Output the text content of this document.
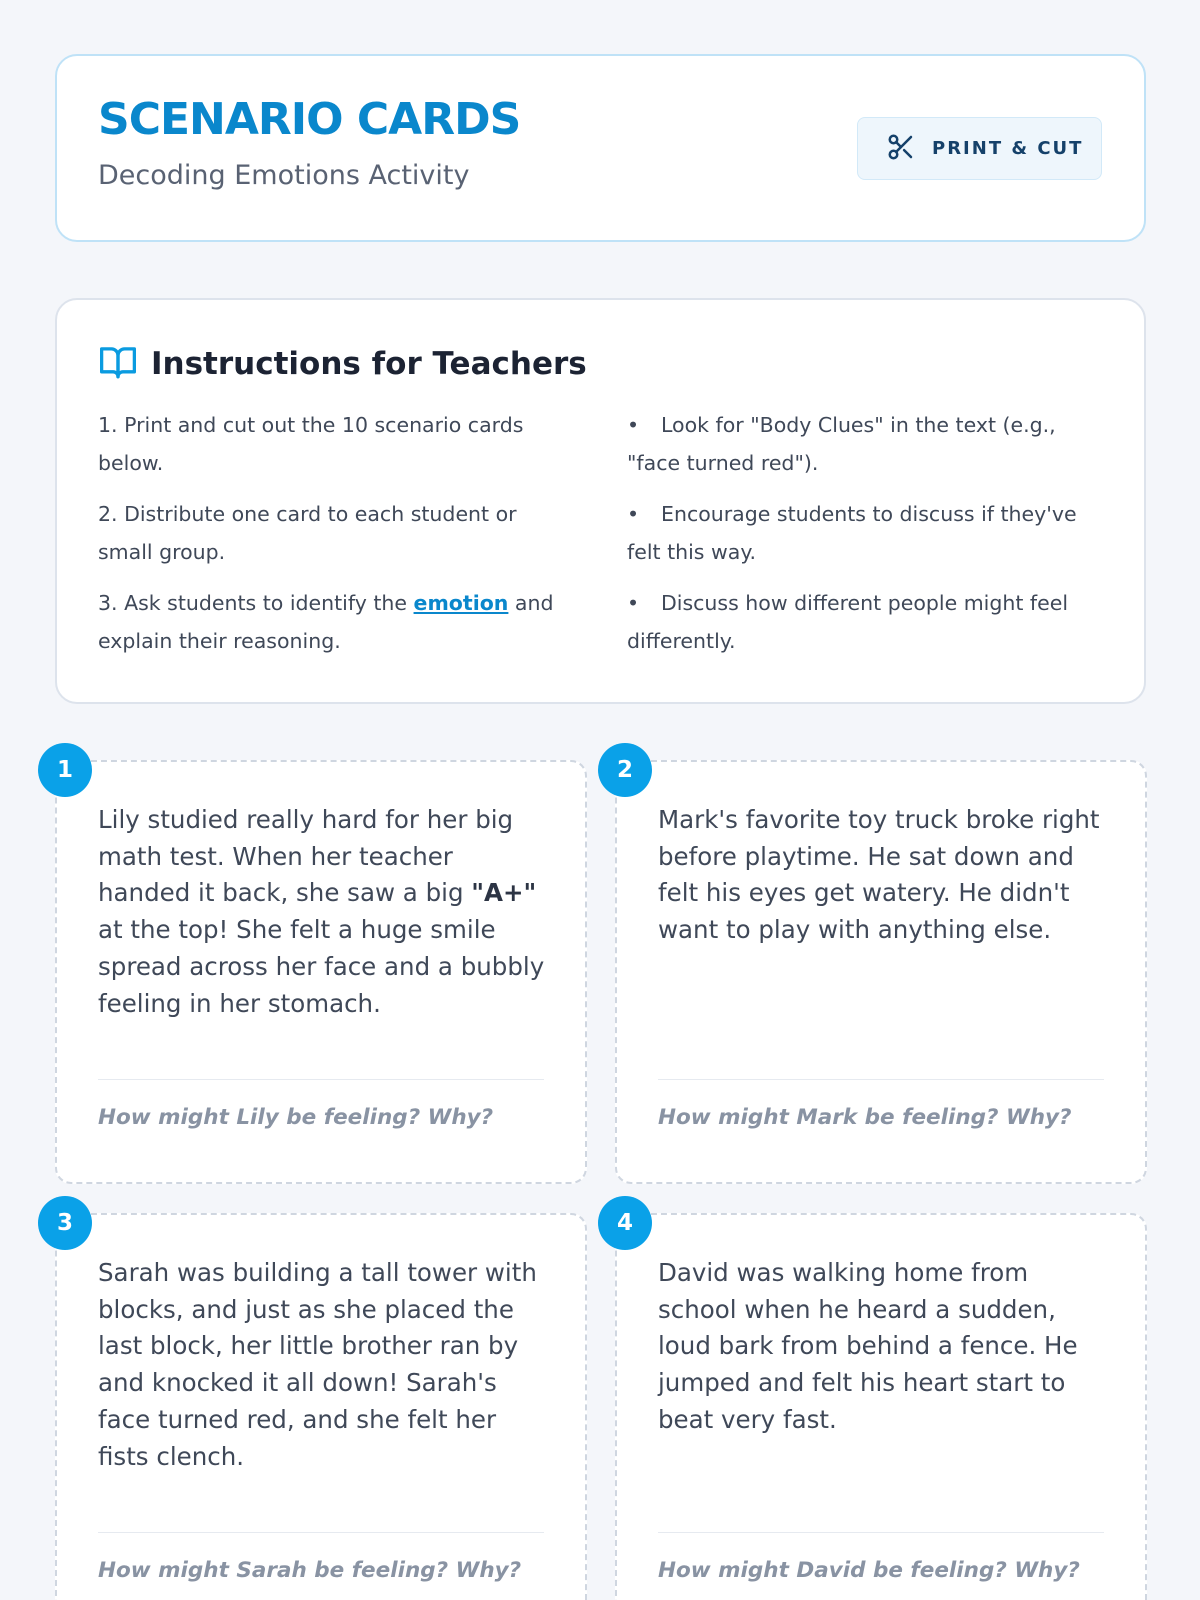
SCENARIO CARDS
Decoding Emotions Activity
PRINT & CUT
Instructions for Teachers
1. Print and cut out the 10 scenario cards below.
2. Distribute one card to each student or small group.
3. Ask students to identify the emotion and explain their reasoning.
• Look for "Body Clues" in the text (e.g., "face turned red").
• Encourage students to discuss if they've felt this way.
• Discuss how different people might feel differently.
1
Lily studied really hard for her big math test. When her teacher handed it back, she saw a big "A+" at the top! She felt a huge smile spread across her face and a bubbly feeling in her stomach.
How might Lily be feeling? Why?
2
Mark's favorite toy truck broke right before playtime. He sat down and felt his eyes get watery. He didn't want to play with anything else.
How might Mark be feeling? Why?
3
Sarah was building a tall tower with blocks, and just as she placed the last block, her little brother ran by and knocked it all down! Sarah's face turned red, and she felt her fists clench.
How might Sarah be feeling? Why?
4
David was walking home from school when he heard a sudden, loud bark from behind a fence. He jumped and felt his heart start to beat very fast.
How might David be feeling? Why?
